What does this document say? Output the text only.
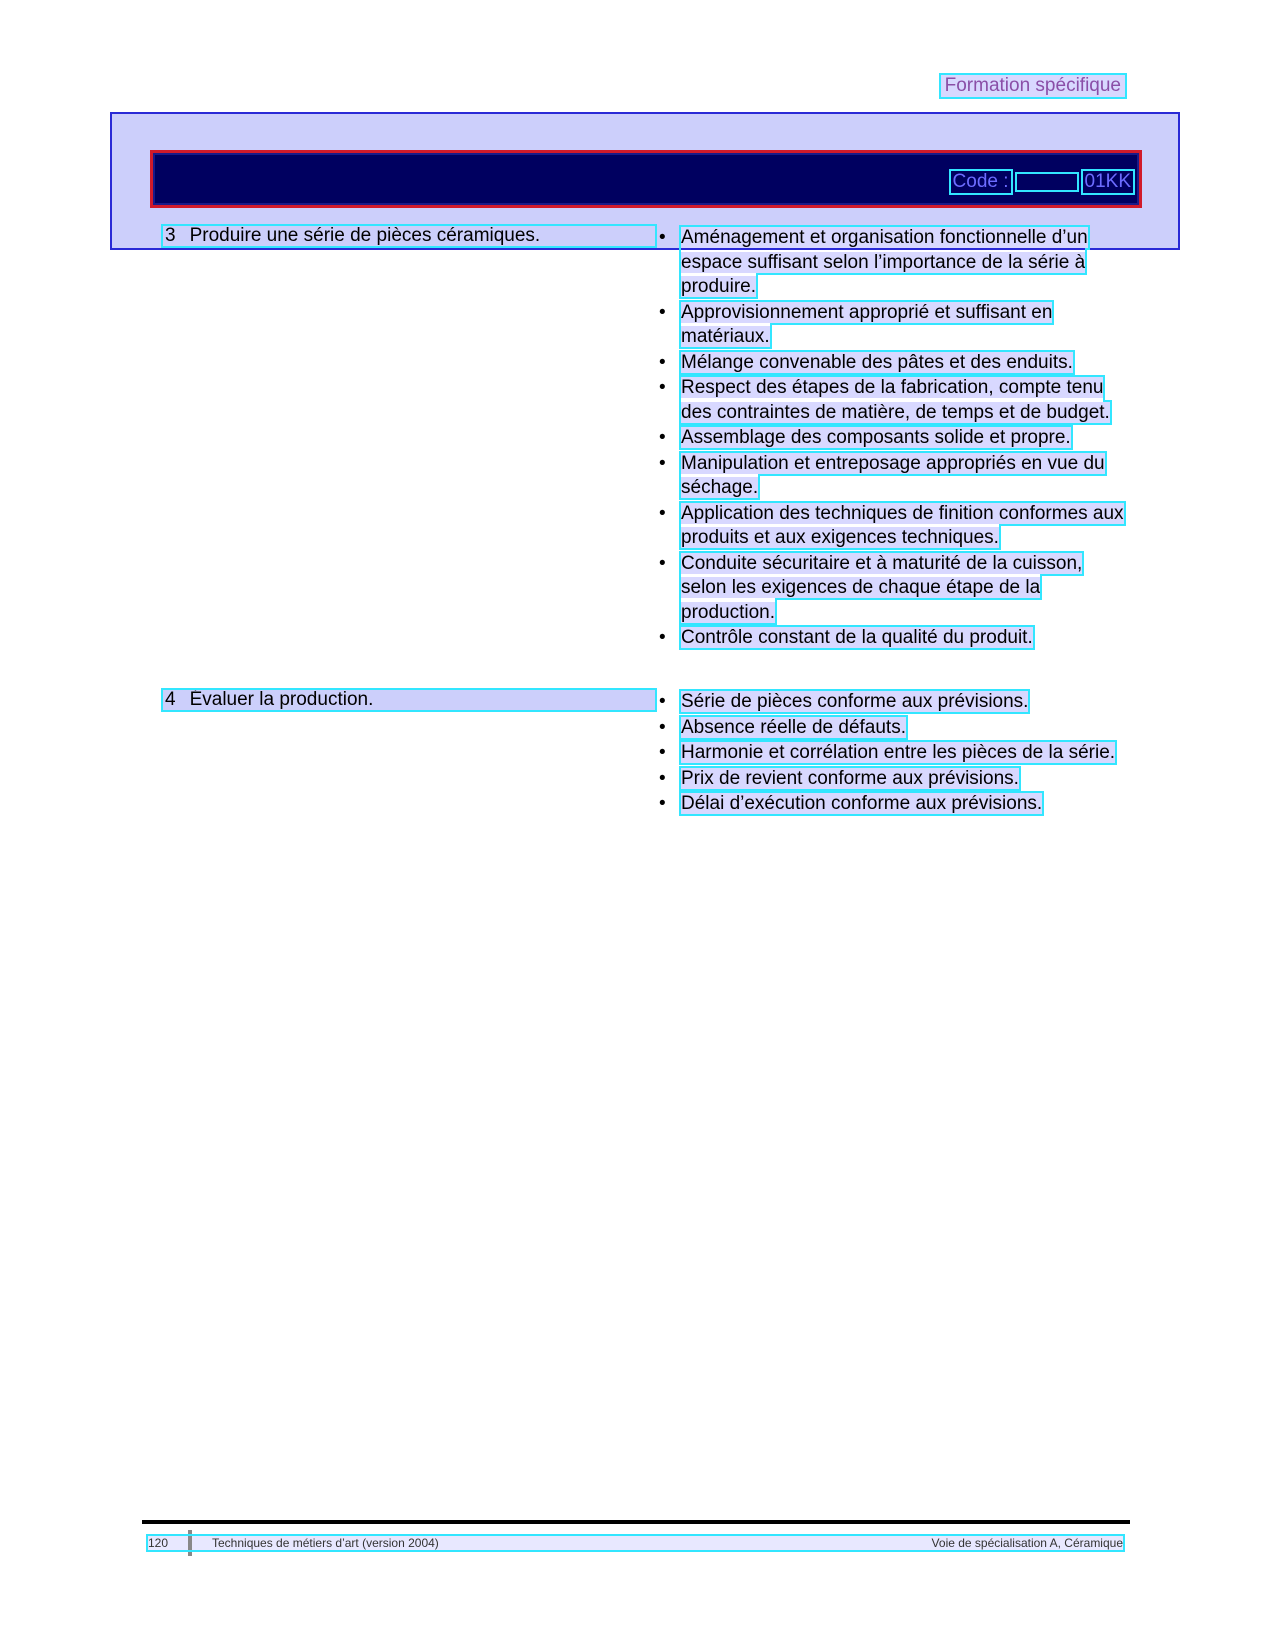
Formation spécifique
Code :	01KK
3 Produire une série de pièces céramiques.	• Aménagement et organisation fonctionnelle d’un espace suffisant selon l’importance de la série à produire.
• Approvisionnement approprié et suffisant en matériaux.
• Mélange convenable des pâtes et des enduits.
• Respect des étapes de la fabrication, compte tenu des contraintes de matière, de temps et de budget.
• Assemblage des composants solide et propre.
• Manipulation et entreposage appropriés en vue du séchage.
• Application des techniques de finition conformes aux produits et aux exigences techniques.
• Conduite sécuritaire et à maturité de la cuisson, selon les exigences de chaque étape de la production.
• Contrôle constant de la qualité du produit.
4 Évaluer la production.	• Série de pièces conforme aux prévisions.
• Absence réelle de défauts.
• Harmonie et corrélation entre les pièces de la série.
• Prix de revient conforme aux prévisions.
• Délai d’exécution conforme aux prévisions.
120	Techniques de métiers d’art (version 2004)	Voie de spécialisation A, Céramique
